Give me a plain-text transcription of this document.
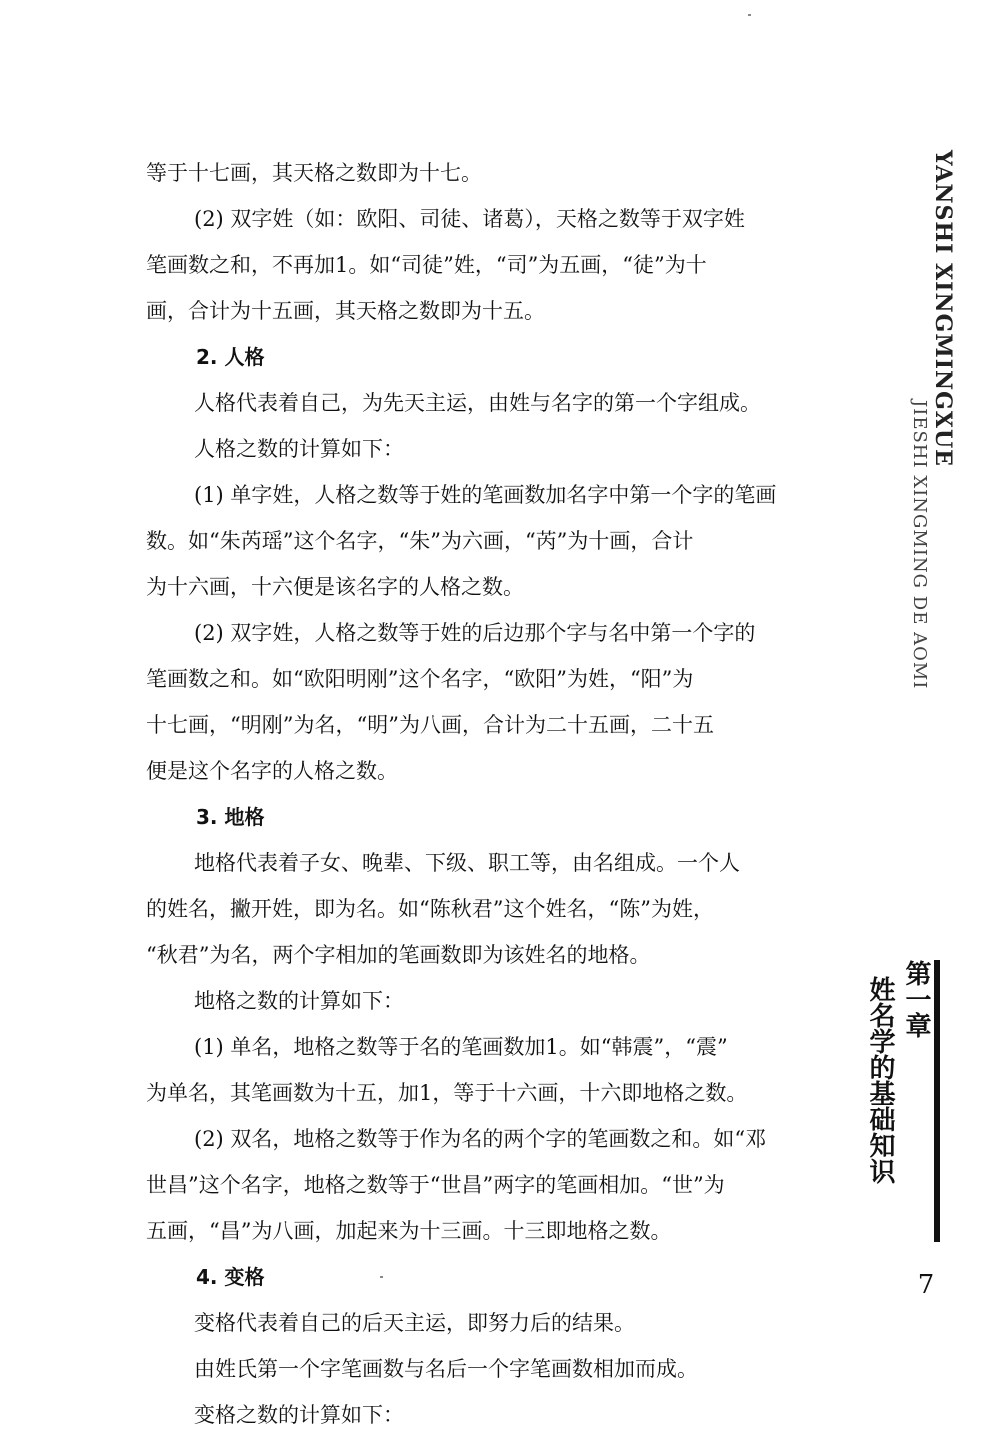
等于十七画，其天格之数即为十七。
(2) 双字姓（如：欧阳、司徒、诸葛），天格之数等于双字姓
笔画数之和，不再加1。如“司徒”姓，“司”为五画，“徒”为十
画，合计为十五画，其天格之数即为十五。
2. 人格
人格代表着自己，为先天主运，由姓与名字的第一个字组成。
人格之数的计算如下：
(1) 单字姓，人格之数等于姓的笔画数加名字中第一个字的笔画
数。如“朱芮瑶”这个名字，“朱”为六画，“芮”为十画，合计
为十六画，十六便是该名字的人格之数。
(2) 双字姓，人格之数等于姓的后边那个字与名中第一个字的
笔画数之和。如“欧阳明刚”这个名字，“欧阳”为姓，“阳”为
十七画，“明刚”为名，“明”为八画，合计为二十五画，二十五
便是这个名字的人格之数。
3. 地格
地格代表着子女、晚辈、下级、职工等，由名组成。一个人
的姓名，撇开姓，即为名。如“陈秋君”这个姓名，“陈”为姓，
“秋君”为名，两个字相加的笔画数即为该姓名的地格。
地格之数的计算如下：
(1) 单名，地格之数等于名的笔画数加1。如“韩震”，“震”
为单名，其笔画数为十五，加1，等于十六画，十六即地格之数。
(2) 双名，地格之数等于作为名的两个字的笔画数之和。如“邓
世昌”这个名字，地格之数等于“世昌”两字的笔画相加。“世”为
五画，“昌”为八画，加起来为十三画。十三即地格之数。
4. 变格
变格代表着自己的后天主运，即努力后的结果。
由姓氏第一个字笔画数与名后一个字笔画数相加而成。
变格之数的计算如下：
YANSHI XINGMINGXUE
JIESHI XINGMING DE AOMI
第一章
姓名学的基础知识
7
